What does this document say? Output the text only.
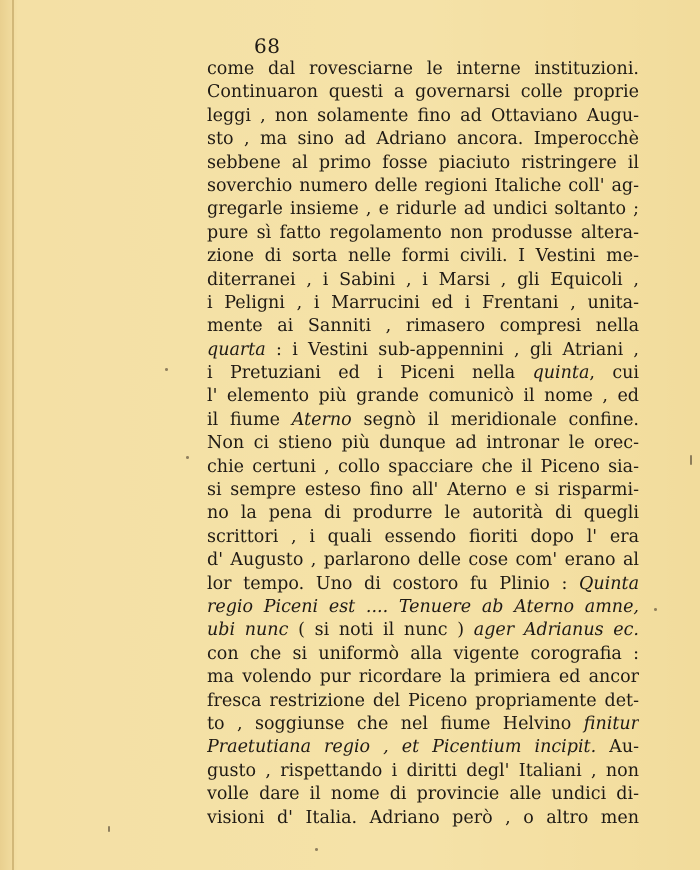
68
come dal rovesciarne le interne instituzioni.
Continuaron questi a governarsi colle proprie
leggi , non solamente fino ad Ottaviano Augu-
sto , ma sino ad Adriano ancora. Imperocchè
sebbene al primo fosse piaciuto ristringere il
soverchio numero delle regioni Italiche coll' ag-
gregarle insieme , e ridurle ad undici soltanto ;
pure sì fatto regolamento non produsse altera-
zione di sorta nelle formi civili. I Vestini me-
diterranei , i Sabini , i Marsi , gli Equicoli ,
i Peligni , i Marrucini ed i Frentani , unita-
mente ai Sanniti , rimasero compresi nella
quarta : i Vestini sub-appennini , gli Atriani ,
i Pretuziani ed i Piceni nella quinta, cui
l' elemento più grande comunicò il nome , ed
il fiume Aterno segnò il meridionale confine.
Non ci stieno più dunque ad intronar le orec-
chie certuni , collo spacciare che il Piceno sia-
si sempre esteso fino all' Aterno e si risparmi-
no la pena di produrre le autorità di quegli
scrittori , i quali essendo fioriti dopo l' era
d' Augusto , parlarono delle cose com' erano al
lor tempo. Uno di costoro fu Plinio : Quinta
regio Piceni est .... Tenuere ab Aterno amne,
ubi nunc ( si noti il nunc ) ager Adrianus ec.
con che si uniformò alla vigente corografia :
ma volendo pur ricordare la primiera ed ancor
fresca restrizione del Piceno propriamente det-
to , soggiunse che nel fiume Helvino finitur
Praetutiana regio , et Picentium incipit. Au-
gusto , rispettando i diritti degl' Italiani , non
volle dare il nome di provincie alle undici di-
visioni d' Italia. Adriano però , o altro men
